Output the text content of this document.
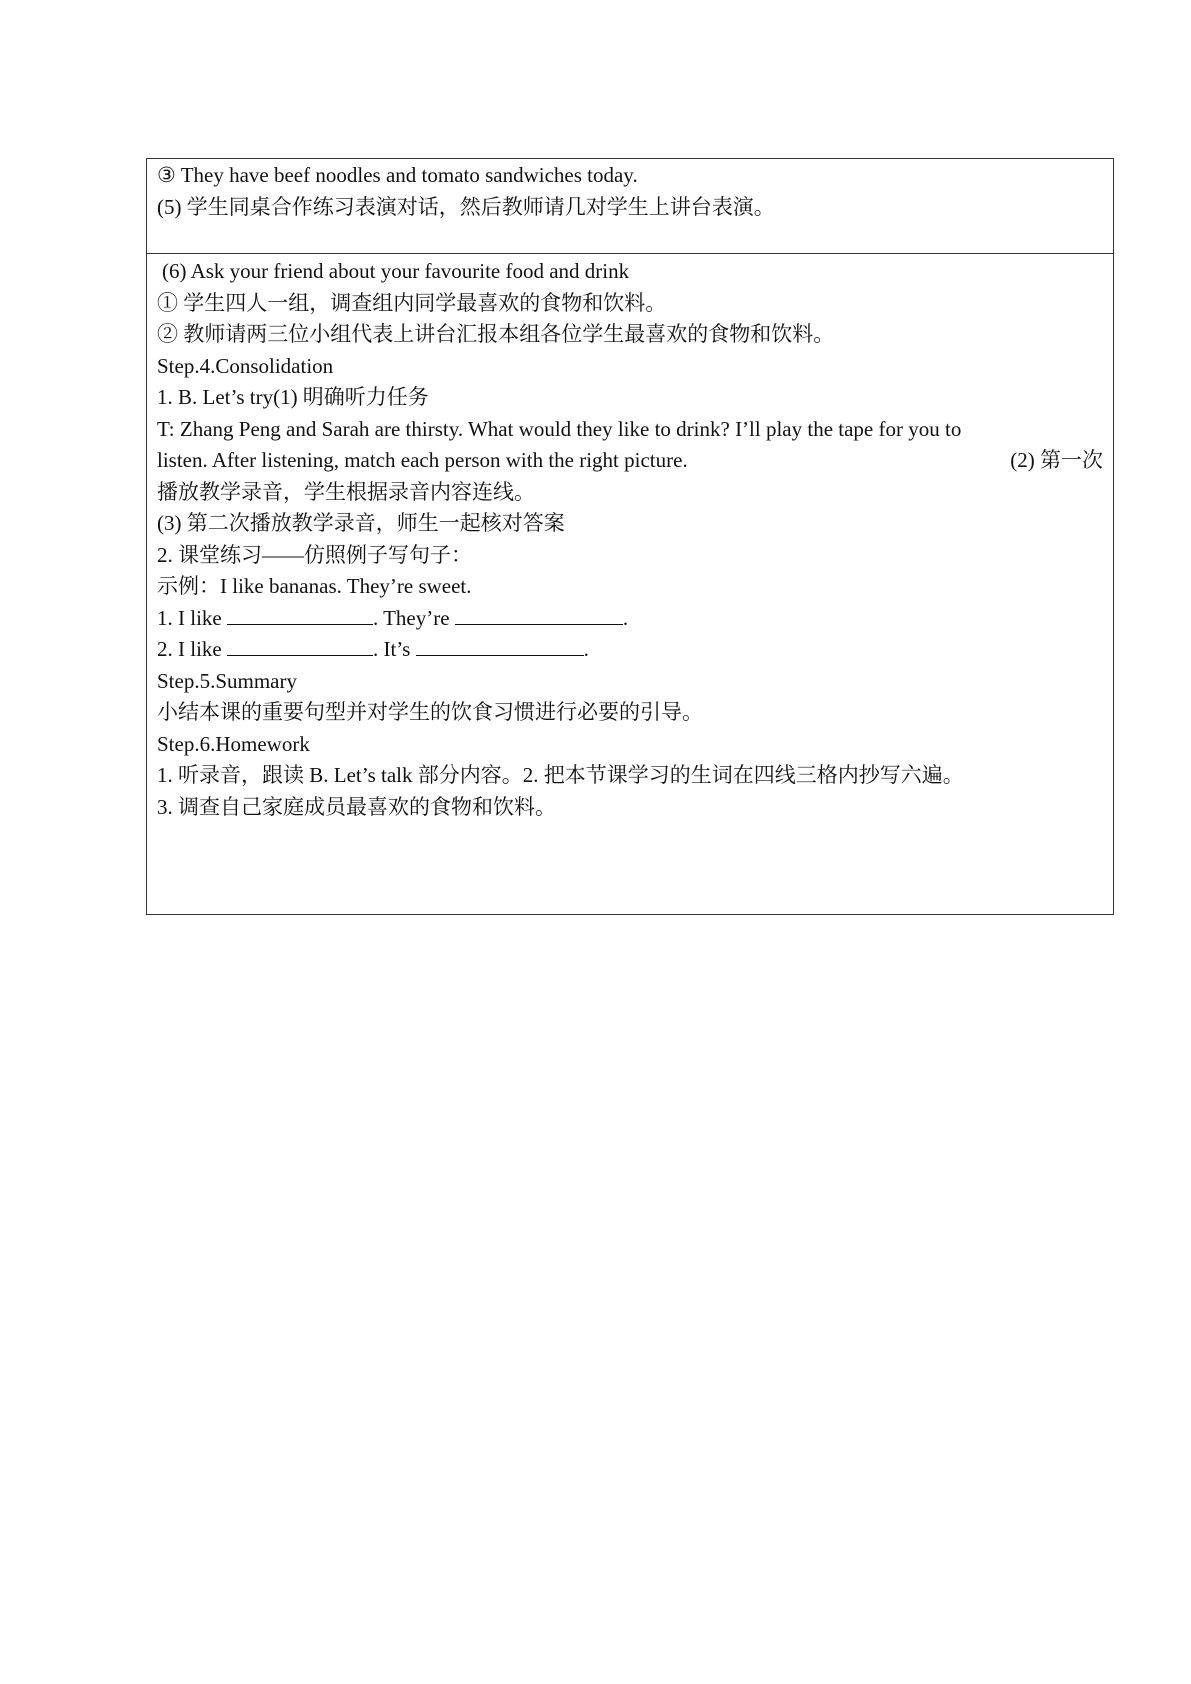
③ They have beef noodles and tomato sandwiches today.
(5) 学生同桌合作练习表演对话，然后教师请几对学生上讲台表演。
(6) Ask your friend about your favourite food and drink
① 学生四人一组，调查组内同学最喜欢的食物和饮料。
② 教师请两三位小组代表上讲台汇报本组各位学生最喜欢的食物和饮料。
Step.4.Consolidation
1. B. Let’s try(1) 明确听力任务
T: Zhang Peng and Sarah are thirsty. What would they like to drink? I’ll play the tape for you to
listen. After listening, match each person with the right picture.	(2) 第一次
播放教学录音，学生根据录音内容连线。
(3) 第二次播放教学录音，师生一起核对答案
2. 课堂练习——仿照例子写句子：
示例：I like bananas. They’re sweet.
1. I like	. They’re	.
2. I like	. It’s	.
Step.5.Summary
小结本课的重要句型并对学生的饮食习惯进行必要的引导。
Step.6.Homework
1. 听录音，跟读 B. Let’s talk 部分内容。2. 把本节课学习的生词在四线三格内抄写六遍。
3. 调查自己家庭成员最喜欢的食物和饮料。
